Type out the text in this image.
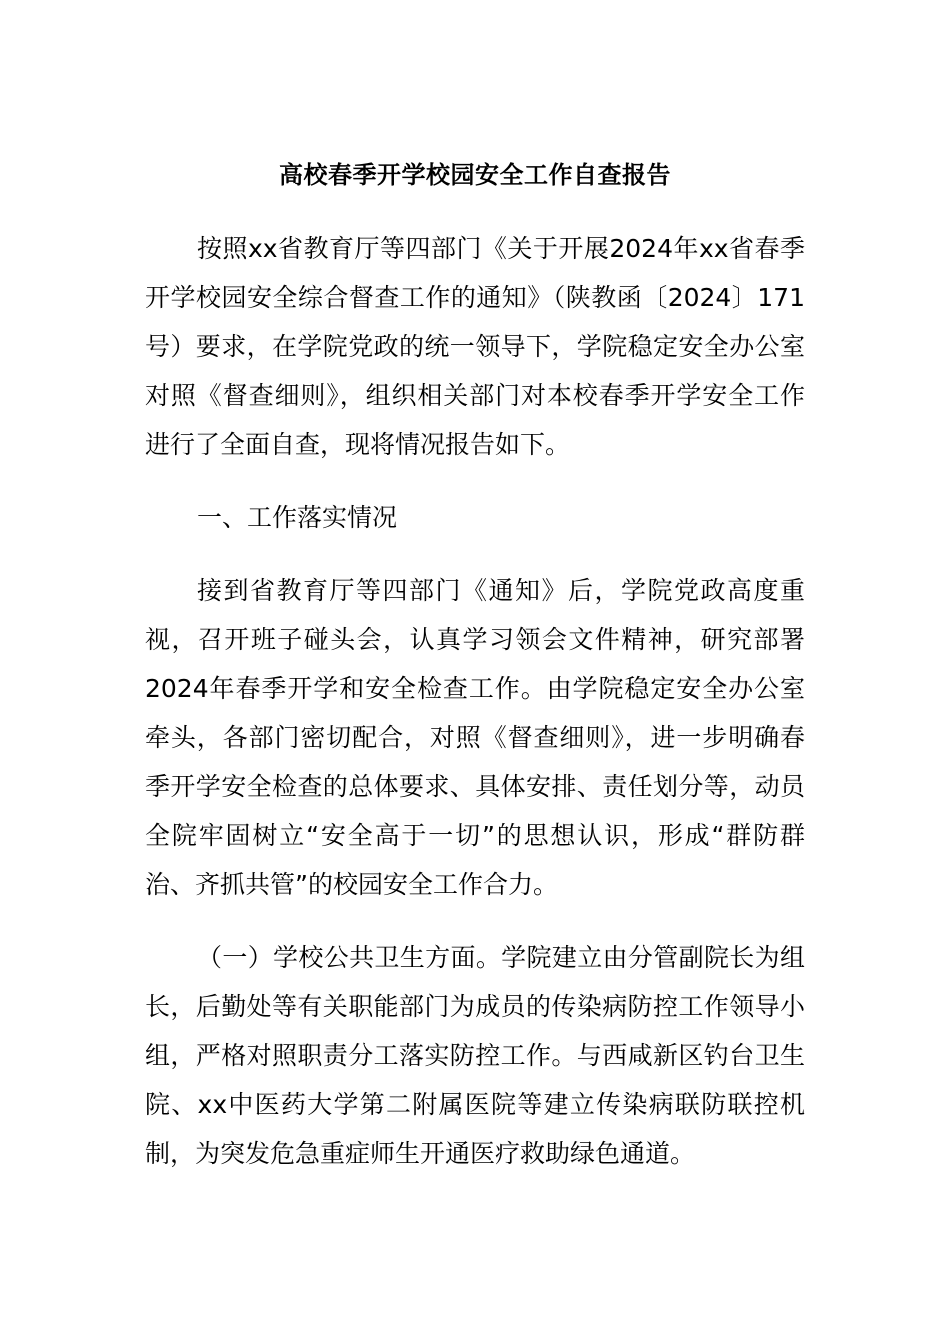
高校春季开学校园安全工作自查报告

按照xx省教育厅等四部门《关于开展2024年xx省春季开学校园安全综合督查工作的通知》（陕教函〔2024〕171号）要求，在学院党政的统一领导下，学院稳定安全办公室对照《督查细则》，组织相关部门对本校春季开学安全工作进行了全面自查，现将情况报告如下。

一、工作落实情况

接到省教育厅等四部门《通知》后，学院党政高度重视，召开班子碰头会，认真学习领会文件精神，研究部署2024年春季开学和安全检查工作。由学院稳定安全办公室牵头，各部门密切配合，对照《督查细则》，进一步明确春季开学安全检查的总体要求、具体安排、责任划分等，动员全院牢固树立“安全高于一切”的思想认识，形成“群防群治、齐抓共管”的校园安全工作合力。

（一）学校公共卫生方面。学院建立由分管副院长为组长，后勤处等有关职能部门为成员的传染病防控工作领导小组，严格对照职责分工落实防控工作。与西咸新区钓台卫生院、xx中医药大学第二附属医院等建立传染病联防联控机制，为突发危急重症师生开通医疗救助绿色通道。
